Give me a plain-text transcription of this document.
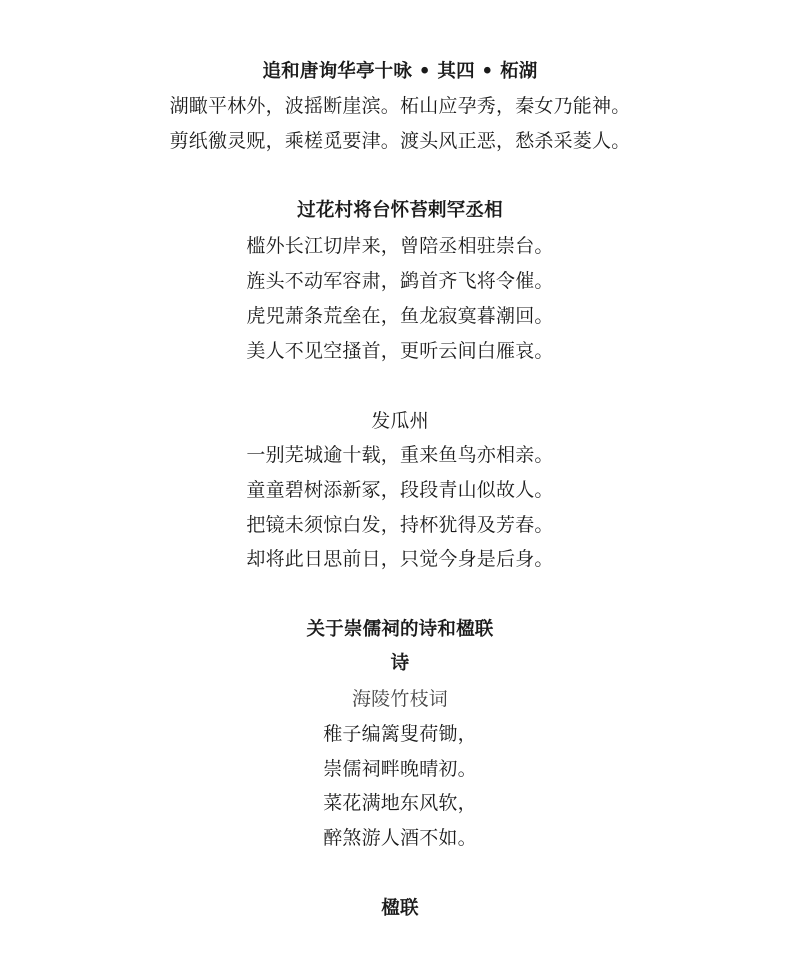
追和唐询华亭十咏 • 其四 • 柘湖
湖瞰平林外，波摇断崖滨。柘山应孕秀，秦女乃能神。
剪纸徼灵贶，乘槎觅要津。渡头风正恶，愁杀采菱人。
过花村将台怀苔剌罕丞相
槛外长江切岸来，曾陪丞相驻崇台。
旌头不动军容肃，鹢首齐飞将令催。
虎兕萧条荒垒在，鱼龙寂寞暮潮回。
美人不见空搔首，更听云间白雁哀。
发瓜州
一别芜城逾十载，重来鱼鸟亦相亲。
童童碧树添新冢，段段青山似故人。
把镜未须惊白发，持杯犹得及芳春。
却将此日思前日，只觉今身是后身。
关于崇儒祠的诗和楹联
诗
海陵竹枝词
稚子编篱叟荷锄，
崇儒祠畔晚晴初。
菜花满地东风软，
醉煞游人酒不如。
楹联
